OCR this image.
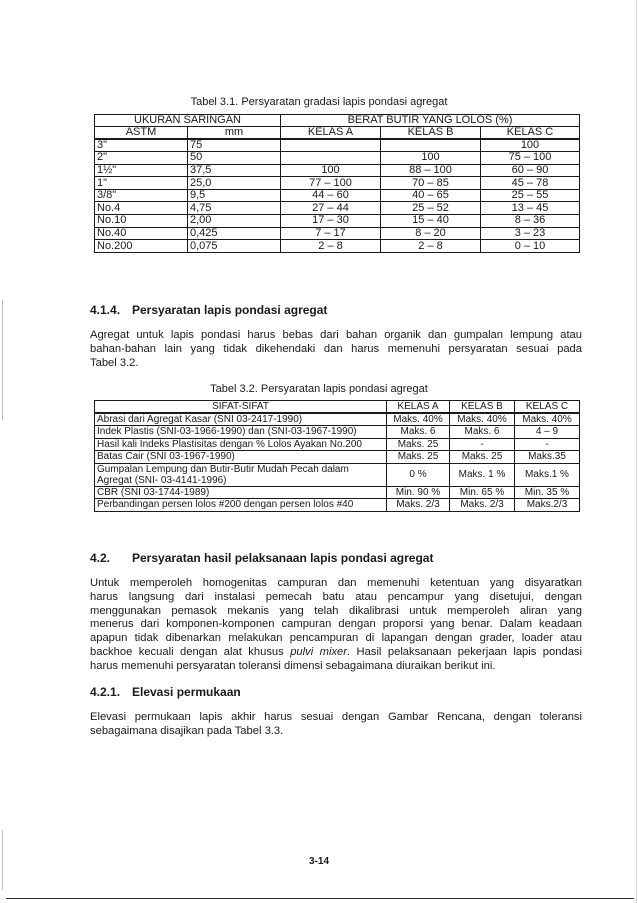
Tabel 3.1. Persyaratan gradasi lapis pondasi agregat
UKURAN SARINGAN		BERAT BUTIR YANG LOLOS (%)		
ASTM	mm	KELAS A	KELAS B	KELAS C
3"	75			100
2"	50		100	75 – 100
1½"	37,5	100	88 – 100	60 – 90
1"	25,0	77 – 100	70 – 85	45 – 78
3/8"	9,5	44 – 60	40 – 65	25 – 55
No.4	4,75	27 – 44	25 – 52	13 – 45
No.10	2,00	17 – 30	15 – 40	8 – 36
No.40	0,425	7 – 17	8 – 20	3 – 23
No.200	0,075	2 – 8	2 – 8	0 – 10
4.1.4. Persyaratan lapis pondasi agregat

Agregat untuk lapis pondasi harus bebas dari bahan organik dan gumpalan lempung atau
bahan-bahan lain yang tidak dikehendaki dan harus memenuhi persyaratan sesuai pada
Tabel 3.2.

Tabel 3.2. Persyaratan lapis pondasi agregat
SIFAT-SIFAT	KELAS A	KELAS B	KELAS C
Abrasi dari Agregat Kasar (SNI 03-2417-1990)	Maks. 40%	Maks. 40%	Maks. 40%
Indek Plastis (SNI-03-1966-1990) dan (SNI-03-1967-1990)	Maks. 6	Maks. 6	4 – 9
Hasil kali Indeks Plastisitas dengan % Lolos Ayakan No.200	Maks. 25	-	-
Batas Cair (SNI 03-1967-1990)	Maks. 25	Maks. 25	Maks.35
Gumpalan Lempung dan Butir-Butir Mudah Pecah dalam Agregat (SNI- 03-4141-1996)	0 %	Maks. 1 %	Maks.1 %
CBR (SNI 03-1744-1989)	Min. 90 %	Min. 65 %	Min. 35 %
Perbandingan persen lolos #200 dengan persen lolos #40	Maks. 2/3	Maks. 2/3	Maks.2/3
4.2. Persyaratan hasil pelaksanaan lapis pondasi agregat

Untuk memperoleh homogenitas campuran dan memenuhi ketentuan yang disyaratkan
harus langsung dari instalasi pemecah batu atau pencampur yang disetujui, dengan
menggunakan pemasok mekanis yang telah dikalibrasi untuk memperoleh aliran yang
menerus dari komponen-komponen campuran dengan proporsi yang benar. Dalam keadaan
apapun tidak dibenarkan melakukan pencampuran di lapangan dengan grader, loader atau
backhoe kecuali dengan alat khusus pulvi mixer. Hasil pelaksanaan pekerjaan lapis pondasi
harus memenuhi persyaratan toleransi dimensi sebagaimana diuraikan berikut ini.

4.2.1. Elevasi permukaan

Elevasi permukaan lapis akhir harus sesuai dengan Gambar Rencana, dengan toleransi
sebagaimana disajikan pada Tabel 3.3.

3-14
